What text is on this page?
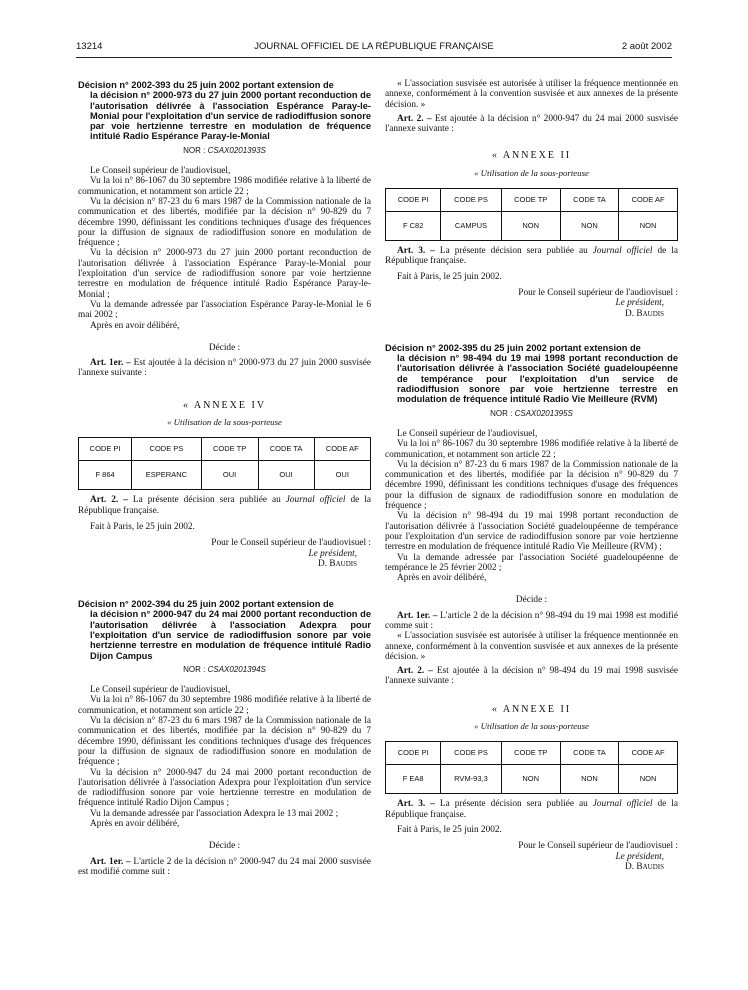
13214	JOURNAL OFFICIEL DE LA RÉPUBLIQUE FRANÇAISE	2 août 2002
Décision n° 2002-393 du 25 juin 2002 portant extension de
la décision n° 2000-973 du 27 juin 2000 portant reconduction de l'autorisation délivrée à l'association Espérance Paray-le-Monial pour l'exploitation d'un service de radiodiffusion sonore par voie hertzienne terrestre en modulation de fréquence intitulé Radio Espérance Paray-le-Monial
NOR : CSAX0201393S

Le Conseil supérieur de l'audiovisuel,

Vu la loi n° 86-1067 du 30 septembre 1986 modifiée relative à la liberté de communication, et notamment son article 22 ;

Vu la décision n° 87-23 du 6 mars 1987 de la Commission nationale de la communication et des libertés, modifiée par la décision n° 90-829 du 7 décembre 1990, définissant les conditions techniques d'usage des fréquences pour la diffusion de signaux de radiodiffusion sonore en modulation de fréquence ;

Vu la décision n° 2000-973 du 27 juin 2000 portant reconduction de l'autorisation délivrée à l'association Espérance Paray-le-Monial pour l'exploitation d'un service de radiodiffusion sonore par voie hertzienne terrestre en modulation de fréquence intitulé Radio Espérance Paray-le-Monial ;

Vu la demande adressée par l'association Espérance Paray-le-Monial le 6 mai 2002 ;

Après en avoir délibéré,

Décide :

Art. 1er. – Est ajoutée à la décision n° 2000-973 du 27 juin 2000 susvisée l'annexe suivante :

« ANNEXE IV

« Utilisation de la sous-porteuse

CODE PI	CODE PS	CODE TP	CODE TA	CODE AF
F 864	ESPERANC	OUI	OUI	OUI

Art. 2. – La présente décision sera publiée au Journal officiel de la République française.

Fait à Paris, le 25 juin 2002.

Pour le Conseil supérieur de l'audiovisuel :

Le président,

D. Baudis

Décision n° 2002-394 du 25 juin 2002 portant extension de
la décision n° 2000-947 du 24 mai 2000 portant reconduction de l'autorisation délivrée à l'association Adexpra pour l'exploitation d'un service de radiodiffusion sonore par voie hertzienne terrestre en modulation de fréquence intitulé Radio Dijon Campus
NOR : CSAX0201394S

Le Conseil supérieur de l'audiovisuel,

Vu la loi n° 86-1067 du 30 septembre 1986 modifiée relative à la liberté de communication, et notamment son article 22 ;

Vu la décision n° 87-23 du 6 mars 1987 de la Commission nationale de la communication et des libertés, modifiée par la décision n° 90-829 du 7 décembre 1990, définissant les conditions techniques d'usage des fréquences pour la diffusion de signaux de radiodiffusion sonore en modulation de fréquence ;

Vu la décision n° 2000-947 du 24 mai 2000 portant reconduction de l'autorisation délivrée à l'association Adexpra pour l'exploitation d'un service de radiodiffusion sonore par voie hertzienne terrestre en modulation de fréquence intitulé Radio Dijon Campus ;

Vu la demande adressée par l'association Adexpra le 13 mai 2002 ;

Après en avoir délibéré,

Décide :

Art. 1er. – L'article 2 de la décision n° 2000-947 du 24 mai 2000 susvisée est modifié comme suit :

« L'association susvisée est autorisée à utiliser la fréquence mentionnée en annexe, conformément à la convention susvisée et aux annexes de la présente décision. »

Art. 2. – Est ajoutée à la décision n° 2000-947 du 24 mai 2000 susvisée l'annexe suivante :

« ANNEXE II

« Utilisation de la sous-porteuse

CODE PI	CODE PS	CODE TP	CODE TA	CODE AF
F C82	CAMPUS	NON	NON	NON

Art. 3. – La présente décision sera publiée au Journal officiel de la République française.

Fait à Paris, le 25 juin 2002.

Pour le Conseil supérieur de l'audiovisuel :

Le président,

D. Baudis

Décision n° 2002-395 du 25 juin 2002 portant extension de
la décision n° 98-494 du 19 mai 1998 portant reconduction de l'autorisation délivrée à l'association Société guadeloupéenne de tempérance pour l'exploitation d'un service de radiodiffusion sonore par voie hertzienne terrestre en modulation de fréquence intitulé Radio Vie Meilleure (RVM)
NOR : CSAX0201395S

Le Conseil supérieur de l'audiovisuel,

Vu la loi n° 86-1067 du 30 septembre 1986 modifiée relative à la liberté de communication, et notamment son article 22 ;

Vu la décision n° 87-23 du 6 mars 1987 de la Commission nationale de la communication et des libertés, modifiée par la décision n° 90-829 du 7 décembre 1990, définissant les conditions techniques d'usage des fréquences pour la diffusion de signaux de radiodiffusion sonore en modulation de fréquence ;

Vu la décision n° 98-494 du 19 mai 1998 portant reconduction de l'autorisation délivrée à l'association Société guadeloupéenne de tempérance pour l'exploitation d'un service de radiodiffusion sonore par voie hertzienne terrestre en modulation de fréquence intitulé Radio Vie Meilleure (RVM) ;

Vu la demande adressée par l'association Société guadeloupéenne de tempérance le 25 février 2002 ;

Après en avoir délibéré,

Décide :

Art. 1er. – L'article 2 de la décision n° 98-494 du 19 mai 1998 est modifié comme suit :

« L'association susvisée est autorisée à utiliser la fréquence mentionnée en annexe, conformément à la convention susvisée et aux annexes de la présente décision. »

Art. 2. – Est ajoutée à la décision n° 98-494 du 19 mai 1998 susvisée l'annexe suivante :

« ANNEXE II

« Utilisation de la sous-porteuse

CODE PI	CODE PS	CODE TP	CODE TA	CODE AF
F EA8	RVM-93,3	NON	NON	NON

Art. 3. – La présente décision sera publiée au Journal officiel de la République française.

Fait à Paris, le 25 juin 2002.

Pour le Conseil supérieur de l'audiovisuel :

Le président,

D. Baudis
